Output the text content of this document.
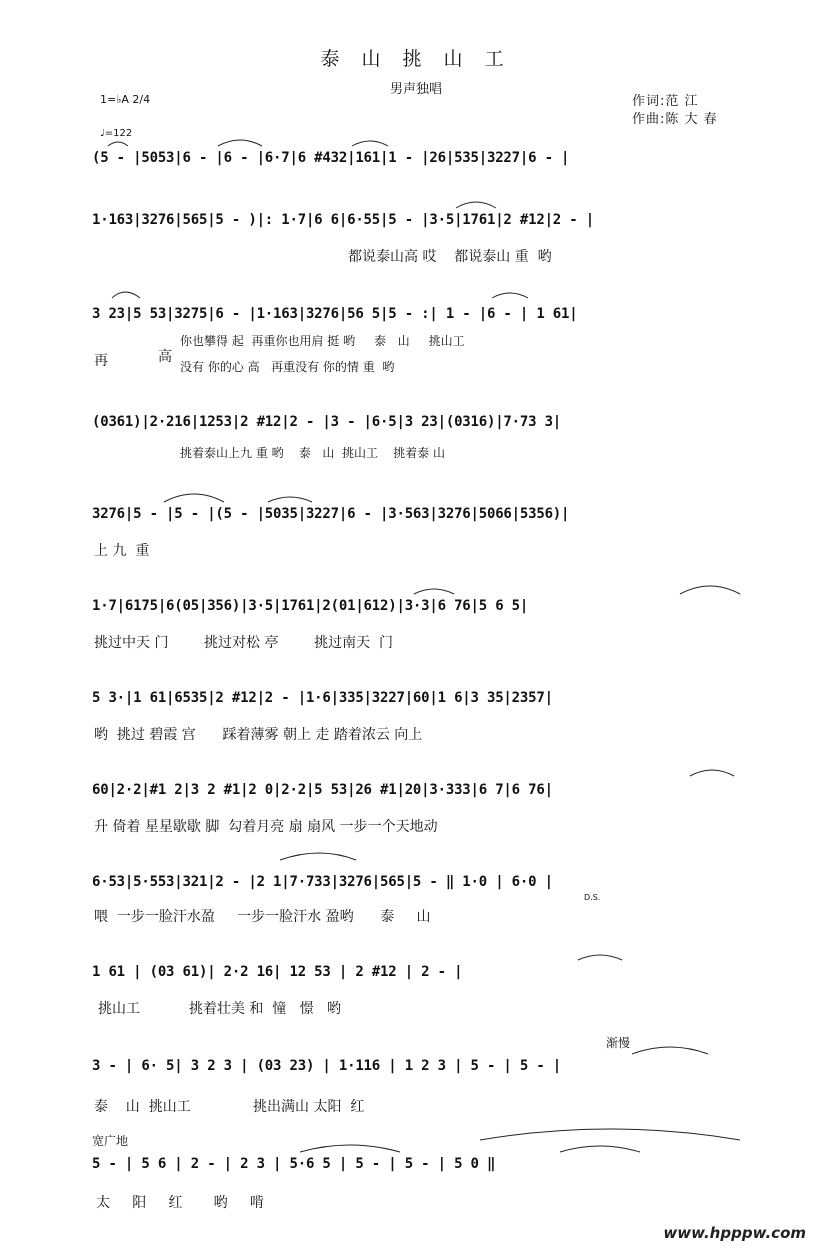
泰 山 挑 山 工
男声独唱
1=♭A 2/4
♩=122
作词:范 江
作曲:陈 大 春
(5 - |5053|6 - |6 - |6·7|6 #432|161|1 - |26|535|3227|6 - |
1·163|3276|565|5 - )|: 1·7|6 6|6·55|5 - |3·5|1761|2 #12|2 - |
都说泰山高 哎    都说泰山 重  哟
3 23|5 53|3275|6 - |1·163|3276|56 5|5 - :| 1 - |6 - | 1 61|
你也攀得 起  再重你也用肩 挺 哟     泰   山     挑山工
没有 你的心 高   再重没有 你的情 重  哟
再	高
(0361)|2·216|1253|2 #12|2 - |3 - |6·5|3 23|(0316)|7·73 3|
挑着泰山上九 重 哟    泰   山  挑山工    挑着泰 山
3276|5 - |5 - |(5 - |5035|3227|6 - |3·563|3276|5066|5356)|
上 九  重
1·7|6175|6(05|356)|3·5|1761|2(01|612)|3·3|6 76|5 6 5|
挑过中天 门        挑过对松 亭        挑过南天  门
5 3·|1 61|6535|2 #12|2 - |1·6|335|3227|60|1 6|3 35|2357|
哟  挑过 碧霞 宫      踩着薄雾 朝上 走 踏着浓云 向上
60|2·2|#1 2|3 2 #1|2 0|2·2|5 53|26 #1|20|3·333|6 7|6 76|
升 倚着 星星歇歇 脚  勾着月亮 扇 扇风 一步一个天地动
6·53|5·553|321|2 - |2 1|7·733|3276|565|5 - ‖ 1·0 | 6·0 |
D.S.
喂  一步一脸汗水盈     一步一脸汗水 盈哟      泰     山
1 61 | (03 61)| 2·2 16| 12 53 | 2 #12 | 2 - |
挑山工           挑着壮美 和  憧   憬   哟
渐慢
3 - | 6· 5| 3 2 3 | (03 23) | 1·116 | 1 2 3 | 5 - | 5 - |
泰    山  挑山工              挑出满山 太阳  红
宽广地
5 - | 5 6 | 2 - | 2 3 | 5·6 5 | 5 - | 5 - | 5 0 ‖
太     阳     红       哟     啃
www.hpppw.com
